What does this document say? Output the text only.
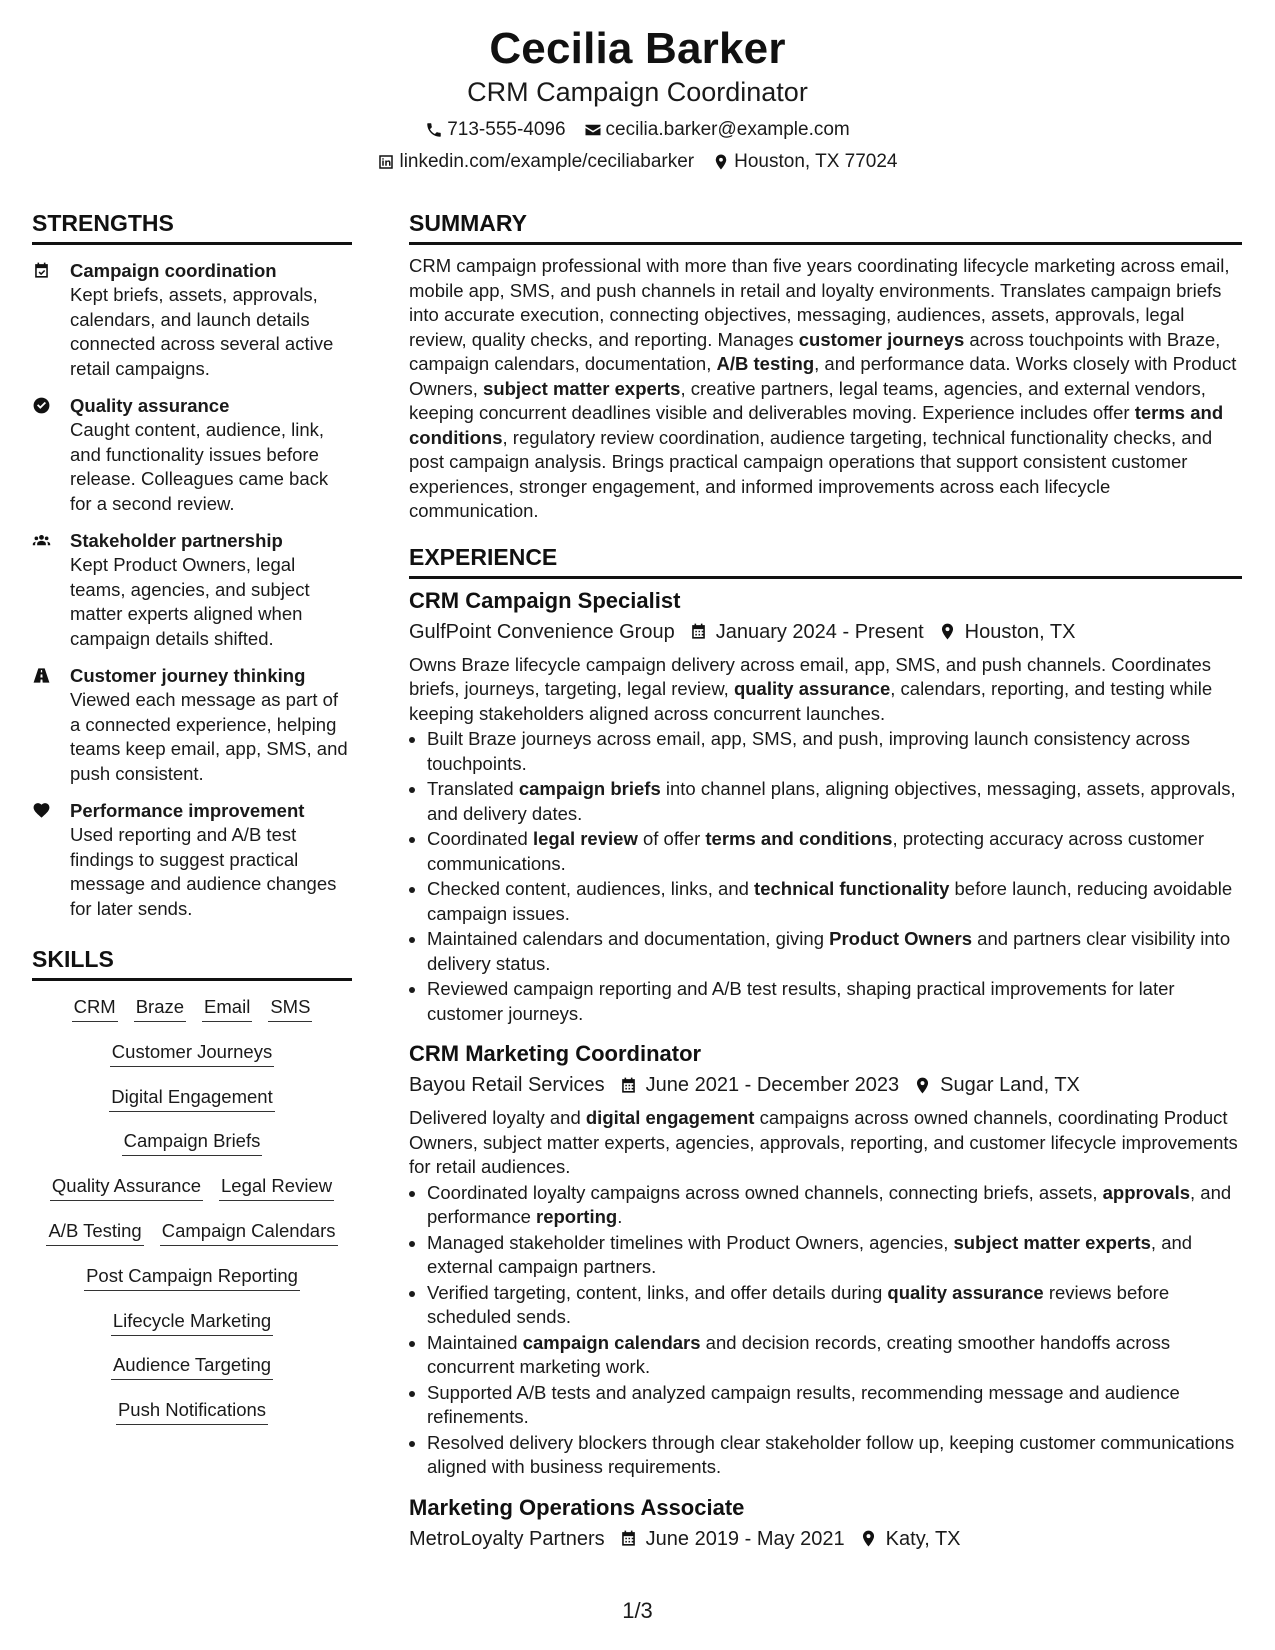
Cecilia Barker
CRM Campaign Coordinator
713-555-4096 cecilia.barker@example.com
linkedin.com/example/ceciliabarker Houston, TX 77024
STRENGTHS
Campaign coordination
Kept briefs, assets, approvals, calendars, and launch details connected across several active retail campaigns.
Quality assurance
Caught content, audience, link, and functionality issues before release. Colleagues came back for a second review.
Stakeholder partnership
Kept Product Owners, legal teams, agencies, and subject matter experts aligned when campaign details shifted.
Customer journey thinking
Viewed each message as part of a connected experience, helping teams keep email, app, SMS, and push consistent.
Performance improvement
Used reporting and A/B test findings to suggest practical message and audience changes for later sends.
SKILLS
CRM Braze Email SMS
Customer Journeys
Digital Engagement
Campaign Briefs
Quality Assurance Legal Review
A/B Testing Campaign Calendars
Post Campaign Reporting
Lifecycle Marketing
Audience Targeting
Push Notifications
SUMMARY
CRM campaign professional with more than five years coordinating lifecycle marketing across email, mobile app, SMS, and push channels in retail and loyalty environments. Translates campaign briefs into accurate execution, connecting objectives, messaging, audiences, assets, approvals, legal review, quality checks, and reporting. Manages customer journeys across touchpoints with Braze, campaign calendars, documentation, A/B testing, and performance data. Works closely with Product Owners, subject matter experts, creative partners, legal teams, agencies, and external vendors, keeping concurrent deadlines visible and deliverables moving. Experience includes offer terms and conditions, regulatory review coordination, audience targeting, technical functionality checks, and post campaign analysis. Brings practical campaign operations that support consistent customer experiences, stronger engagement, and informed improvements across each lifecycle communication.
EXPERIENCE
CRM Campaign Specialist
GulfPoint Convenience Group January 2024 - Present Houston, TX
Owns Braze lifecycle campaign delivery across email, app, SMS, and push channels. Coordinates briefs, journeys, targeting, legal review, quality assurance, calendars, reporting, and testing while keeping stakeholders aligned across concurrent launches.
• Built Braze journeys across email, app, SMS, and push, improving launch consistency across touchpoints.
• Translated campaign briefs into channel plans, aligning objectives, messaging, assets, approvals, and delivery dates.
• Coordinated legal review of offer terms and conditions, protecting accuracy across customer communications.
• Checked content, audiences, links, and technical functionality before launch, reducing avoidable campaign issues.
• Maintained calendars and documentation, giving Product Owners and partners clear visibility into delivery status.
• Reviewed campaign reporting and A/B test results, shaping practical improvements for later customer journeys.
CRM Marketing Coordinator
Bayou Retail Services June 2021 - December 2023 Sugar Land, TX
Delivered loyalty and digital engagement campaigns across owned channels, coordinating Product Owners, subject matter experts, agencies, approvals, reporting, and customer lifecycle improvements for retail audiences.
• Coordinated loyalty campaigns across owned channels, connecting briefs, assets, approvals, and performance reporting.
• Managed stakeholder timelines with Product Owners, agencies, subject matter experts, and external campaign partners.
• Verified targeting, content, links, and offer details during quality assurance reviews before scheduled sends.
• Maintained campaign calendars and decision records, creating smoother handoffs across concurrent marketing work.
• Supported A/B tests and analyzed campaign results, recommending message and audience refinements.
• Resolved delivery blockers through clear stakeholder follow up, keeping customer communications aligned with business requirements.
Marketing Operations Associate
MetroLoyalty Partners June 2019 - May 2021 Katy, TX
1/3
